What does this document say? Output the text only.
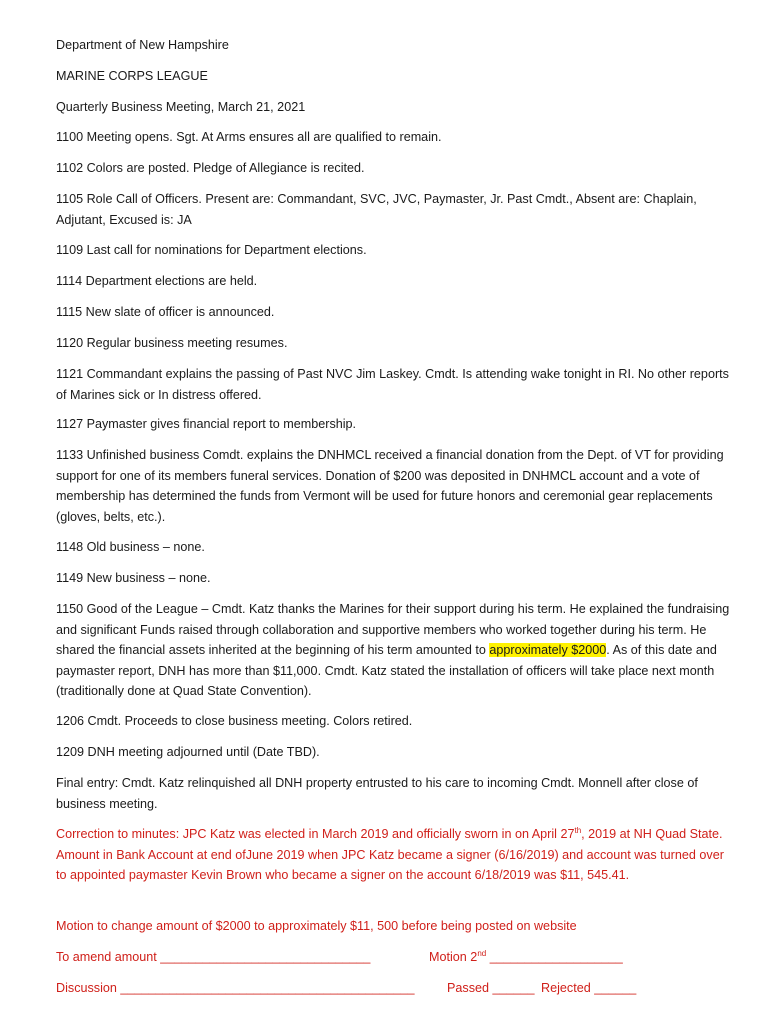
Department of New Hampshire

MARINE CORPS LEAGUE

Quarterly Business Meeting, March 21, 2021

1100 Meeting opens. Sgt. At Arms ensures all are qualified to remain.

1102 Colors are posted. Pledge of Allegiance is recited.

1105 Role Call of Officers. Present are: Commandant, SVC, JVC, Paymaster, Jr. Past Cmdt., Absent are: Chaplain, Adjutant, Excused is: JA

1109 Last call for nominations for Department elections.

1114 Department elections are held.

1115 New slate of officer is announced.

1120 Regular business meeting resumes.

1121 Commandant explains the passing of Past NVC Jim Laskey. Cmdt. Is attending wake tonight in RI. No other reports of Marines sick or In distress offered.

1127 Paymaster gives financial report to membership.

1133 Unfinished business Comdt. explains the DNHMCL received a financial donation from the Dept. of VT for providing support for one of its members funeral services. Donation of $200 was deposited in DNHMCL account and a vote of membership has determined the funds from Vermont will be used for future honors and ceremonial gear replacements (gloves, belts, etc.).

1148 Old business – none.

1149 New business – none.

1150 Good of the League – Cmdt. Katz thanks the Marines for their support during his term. He explained the fundraising and significant Funds raised through collaboration and supportive members who worked together during his term. He shared the financial assets inherited at the beginning of his term amounted to approximately $2000. As of this date and paymaster report, DNH has more than $11,000. Cmdt. Katz stated the installation of officers will take place next month (traditionally done at Quad State Convention).

1206 Cmdt. Proceeds to close business meeting. Colors retired.

1209 DNH meeting adjourned until (Date TBD).

Final entry: Cmdt. Katz relinquished all DNH property entrusted to his care to incoming Cmdt. Monnell after close of business meeting.

Correction to minutes: JPC Katz was elected in March 2019 and officially sworn in on April 27th, 2019 at NH Quad State. Amount in Bank Account at end ofJune 2019 when JPC Katz became a signer (6/16/2019) and account was turned over to appointed paymaster Kevin Brown who became a signer on the account 6/18/2019 was $11, 545.41.

Motion to change amount of $2000 to approximately $11, 500 before being posted on website

To amend amount ______________________________	Motion 2nd ___________________

Discussion __________________________________________	Passed ______ Rejected ______
